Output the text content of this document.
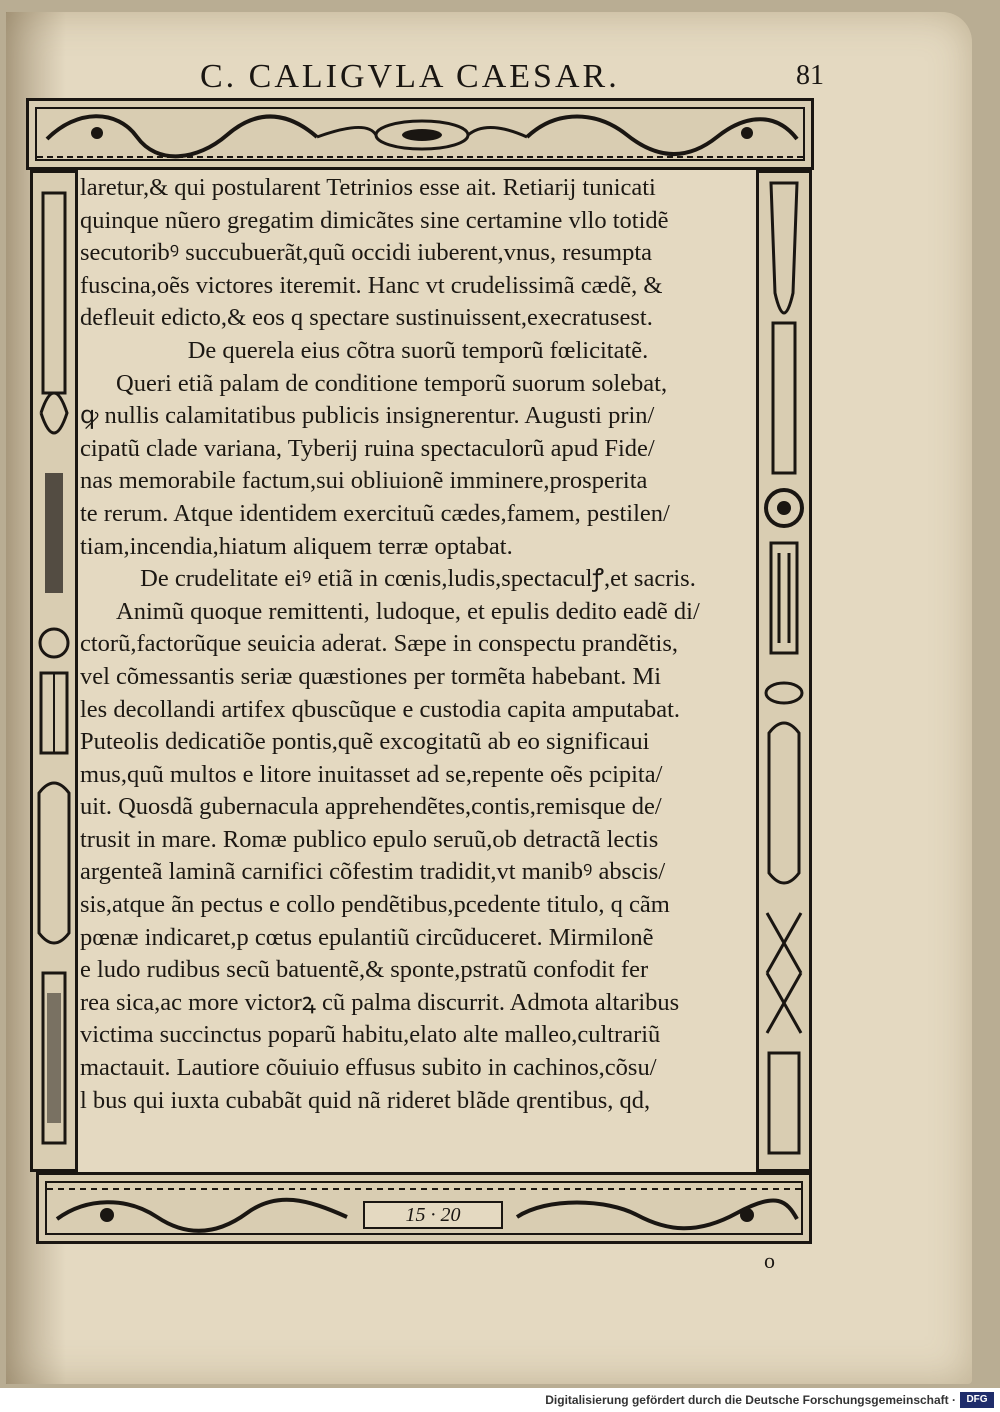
C. CALIGVLA CAESAR.	81
laretur,& qui postularent Tetrinios esse ait. Retiarij tunicati
quinque nũero gregatim dimicãtes sine certamine vllo totidẽ
secutoribꝰ succubuerãt,quũ occidi iuberent,vnus, resumpta
fuscina,oẽs victores iteremit. Hanc vt crudelissimã cædẽ, &
defleuit edicto,& eos q spectare sustinuissent,execratusest.
De querela eius cõtra suorũ temporũ fœlicitatẽ.
Queri etiã palam de conditione temporũ suorum solebat,
ꝙ nullis calamitatibus publicis insignerentur. Augusti prin/
cipatũ clade variana, Tyberij ruina spectaculorũ apud Fide/
nas memorabile factum,sui obliuionẽ imminere,prosperita
te rerum. Atque identidem exercituũ cædes,famem, pestilen/
tiam,incendia,hiatum aliquem terræ optabat.
De crudelitate eiꝰ etiã in cœnis,ludis,spectaculꝭ,et sacris.
Animũ quoque remittenti, ludoque, et epulis dedito eadẽ di/
ctorũ,factorũque seuicia aderat. Sæpe in conspectu prandẽtis,
vel cõmessantis seriæ quæstiones per tormẽta habebant. Mi
les decollandi artifex qbuscũque e custodia capita amputabat.
Puteolis dedicatiõe pontis,quẽ excogitatũ ab eo significaui
mus,quũ multos e litore inuitasset ad se,repente oẽs pcipita/
uit. Quosdã gubernacula apprehendẽtes,contis,remisque de/
trusit in mare. Romæ publico epulo seruũ,ob detractã lectis
argenteã laminã carnifici cõfestim tradidit,vt manibꝰ abscis/
sis,atque ãn pectus e collo pendẽtibus,pcedente titulo, q cãm
pœnæ indicaret,p cœtus epulantiũ circũduceret. Mirmilonẽ
e ludo rudibus secũ batuentẽ,& sponte,pstratũ confodit fer
rea sica,ac more victorꝝ cũ palma discurrit. Admota altaribus
victima succinctus poparũ habitu,elato alte malleo,cultrariũ
mactauit. Lautiore cõuiuio effusus subito in cachinos,cõsu/
l bus qui iuxta cubabãt quid nã rideret blãde qrentibus, qd,
15 · 20
o
Digitalisierung gefördert durch die Deutsche Forschungsgemeinschaft ·	DFG
